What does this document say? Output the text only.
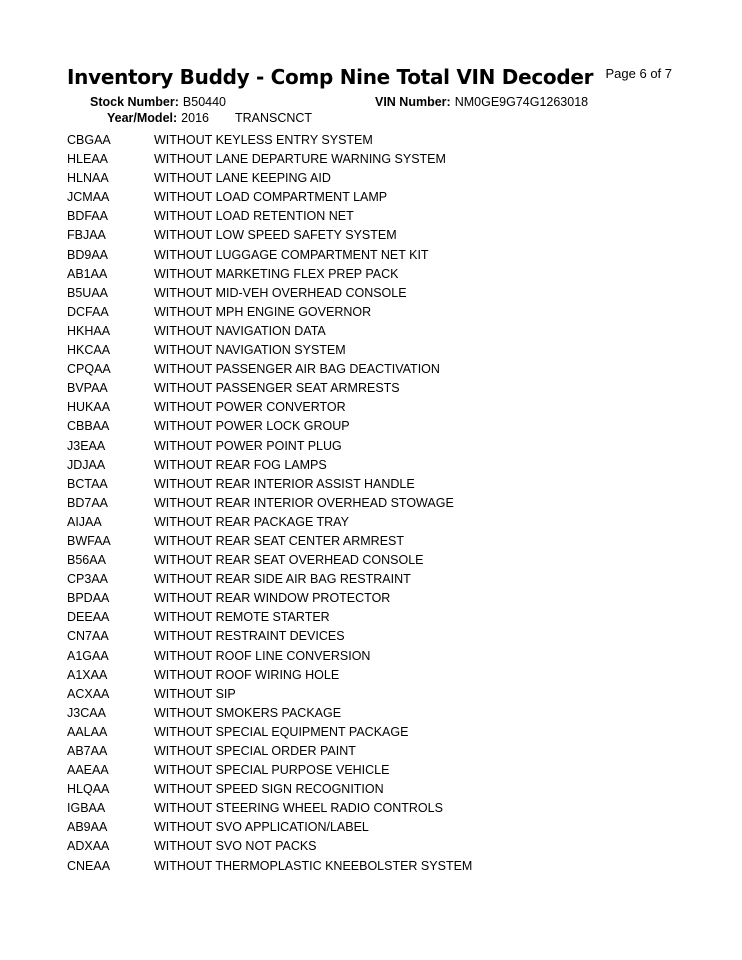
Inventory Buddy - Comp Nine Total VIN Decoder Page 6 of 7
Stock Number: B50440	VIN Number: NM0GE9G74G1263018
Year/Model: 2016 TRANSCNCT
CBGAA	WITHOUT KEYLESS ENTRY SYSTEM
HLEAA	WITHOUT LANE DEPARTURE WARNING SYSTEM
HLNAA	WITHOUT LANE KEEPING AID
JCMAA	WITHOUT LOAD COMPARTMENT LAMP
BDFAA	WITHOUT LOAD RETENTION NET
FBJAA	WITHOUT LOW SPEED SAFETY SYSTEM
BD9AA	WITHOUT LUGGAGE COMPARTMENT NET KIT
AB1AA	WITHOUT MARKETING FLEX PREP PACK
B5UAA	WITHOUT MID-VEH OVERHEAD CONSOLE
DCFAA	WITHOUT MPH ENGINE GOVERNOR
HKHAA	WITHOUT NAVIGATION DATA
HKCAA	WITHOUT NAVIGATION SYSTEM
CPQAA	WITHOUT PASSENGER AIR BAG DEACTIVATION
BVPAA	WITHOUT PASSENGER SEAT ARMRESTS
HUKAA	WITHOUT POWER CONVERTOR
CBBAA	WITHOUT POWER LOCK GROUP
J3EAA	WITHOUT POWER POINT PLUG
JDJAA	WITHOUT REAR FOG LAMPS
BCTAA	WITHOUT REAR INTERIOR ASSIST HANDLE
BD7AA	WITHOUT REAR INTERIOR OVERHEAD STOWAGE
AIJAA	WITHOUT REAR PACKAGE TRAY
BWFAA	WITHOUT REAR SEAT CENTER ARMREST
B56AA	WITHOUT REAR SEAT OVERHEAD CONSOLE
CP3AA	WITHOUT REAR SIDE AIR BAG RESTRAINT
BPDAA	WITHOUT REAR WINDOW PROTECTOR
DEEAA	WITHOUT REMOTE STARTER
CN7AA	WITHOUT RESTRAINT DEVICES
A1GAA	WITHOUT ROOF LINE CONVERSION
A1XAA	WITHOUT ROOF WIRING HOLE
ACXAA	WITHOUT SIP
J3CAA	WITHOUT SMOKERS PACKAGE
AALAA	WITHOUT SPECIAL EQUIPMENT PACKAGE
AB7AA	WITHOUT SPECIAL ORDER PAINT
AAEAA	WITHOUT SPECIAL PURPOSE VEHICLE
HLQAA	WITHOUT SPEED SIGN RECOGNITION
IGBAA	WITHOUT STEERING WHEEL RADIO CONTROLS
AB9AA	WITHOUT SVO APPLICATION/LABEL
ADXAA	WITHOUT SVO NOT PACKS
CNEAA	WITHOUT THERMOPLASTIC KNEEBOLSTER SYSTEM
